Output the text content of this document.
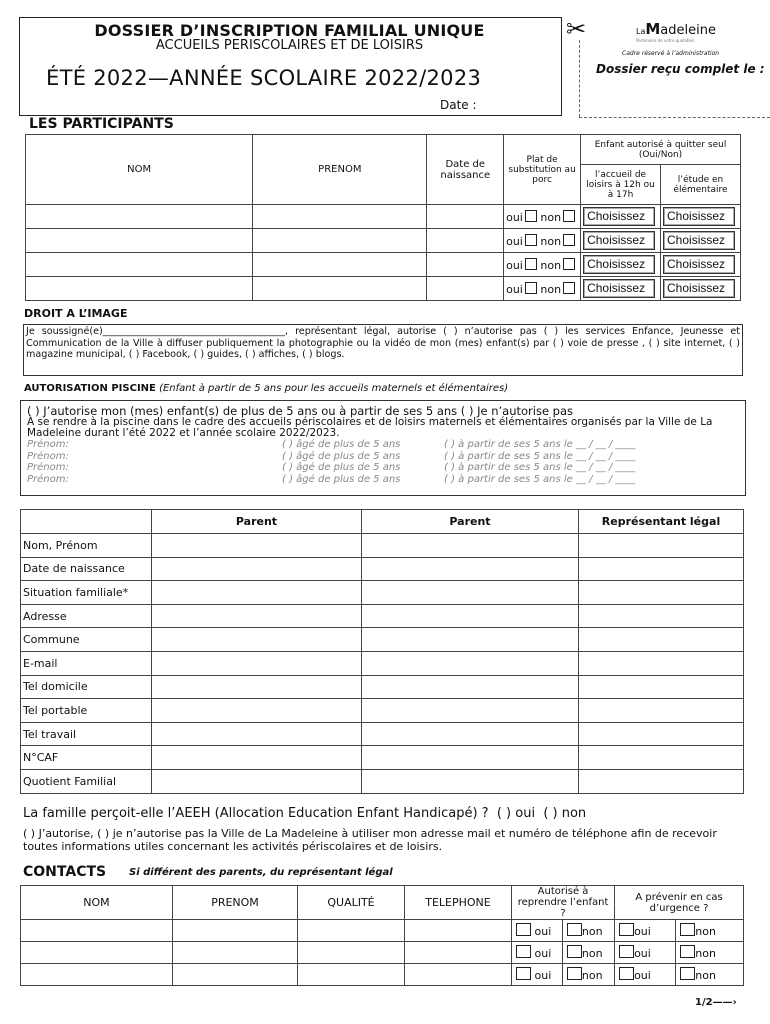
DOSSIER D’INSCRIPTION FAMILIAL UNIQUE
ACCUEILS PERISCOLAIRES ET DE LOISIRS
ÉTÉ 2022—ANNÉE SCOLAIRE 2022/2023
Date :
✂	LaMadeleine
Partenaire de votre quotidien
Cadre réservé à l’administration
Dossier reçu complet le :
LES PARTICIPANTS
NOM	PRENOM	Date de naissance	Plat de substitution au porc	Enfant autorisé à quitter seul (Oui/Non)	
				l’accueil de loisirs à 12h ou à 17h	l’étude en élémentaire
			oui non	Choisissez	Choisissez
			oui non	Choisissez	Choisissez
			oui non	Choisissez	Choisissez
			oui non	Choisissez	Choisissez
DROIT A L’IMAGE
Je soussigné(e)______________________________________, représentant légal, autorise ( ) n’autorise pas ( ) les services Enfance, Jeunesse et Communication de la Ville à diffuser publiquement la photographie ou la vidéo de mon (mes) enfant(s) par ( ) voie de presse , ( ) site internet, ( ) magazine municipal, ( ) Facebook, ( ) guides, ( ) affiches, ( ) blogs.
AUTORISATION PISCINE (Enfant à partir de 5 ans pour les accueils maternels et élémentaires)
( ) J’autorise mon (mes) enfant(s) de plus de 5 ans ou à partir de ses 5 ans ( ) Je n’autorise pas
À se rendre à la piscine dans le cadre des accueils périscolaires et de loisirs maternels et élémentaires organisés par la Ville de La Madeleine durant l’été 2022 et l’année scolaire 2022/2023.
Prénom:	( ) âgé de plus de 5 ans	( ) à partir de ses 5 ans le __ / __ / ____
Prénom:	( ) âgé de plus de 5 ans	( ) à partir de ses 5 ans le __ / __ / ____
Prénom:	( ) âgé de plus de 5 ans	( ) à partir de ses 5 ans le __ / __ / ____
Prénom:	( ) âgé de plus de 5 ans	( ) à partir de ses 5 ans le __ / __ / ____
	Parent	Parent	Représentant légal
Nom, Prénom			
Date de naissance			
Situation familiale*			
Adresse			
Commune			
E-mail			
Tel domicile			
Tel portable			
Tel travail			
N°CAF			
Quotient Familial			
La famille perçoit-elle l’AEEH (Allocation Education Enfant Handicapé) ? ( ) oui ( ) non
( ) J’autorise, ( ) je n’autorise pas la Ville de La Madeleine à utiliser mon adresse mail et numéro de téléphone afin de recevoir toutes informations utiles concernant les activités périscolaires et de loisirs.
CONTACTS Si différent des parents, du représentant légal
NOM	PRENOM	QUALITÉ	TELEPHONE	Autorisé à reprendre l’enfant ?		A prévenir en cas d’urgence ?	
				oui	non	oui	non
				oui	non	oui	non
				oui	non	oui	non
1/2——›
